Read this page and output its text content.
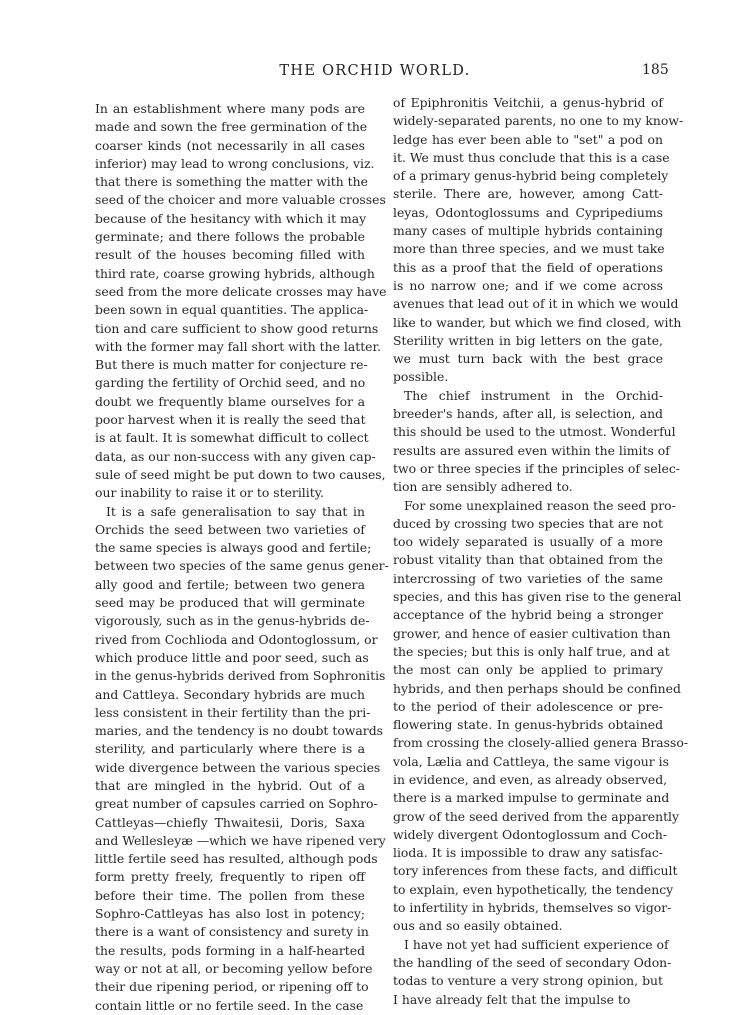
THE ORCHID WORLD.	185
In an establishment where many pods are
made and sown the free germination of the
coarser kinds (not necessarily in all cases
inferior) may lead to wrong conclusions, viz.
that there is something the matter with the
seed of the choicer and more valuable crosses
because of the hesitancy with which it may
germinate; and there follows the probable
result of the houses becoming filled with
third rate, coarse growing hybrids, although
seed from the more delicate crosses may have
been sown in equal quantities. The applica-
tion and care sufficient to show good returns
with the former may fall short with the latter.
But there is much matter for conjecture re-
garding the fertility of Orchid seed, and no
doubt we frequently blame ourselves for a
poor harvest when it is really the seed that
is at fault. It is somewhat difficult to collect
data, as our non-success with any given cap-
sule of seed might be put down to two causes,
our inability to raise it or to sterility.
It is a safe generalisation to say that in
Orchids the seed between two varieties of
the same species is always good and fertile;
between two species of the same genus gener-
ally good and fertile; between two genera
seed may be produced that will germinate
vigorously, such as in the genus-hybrids de-
rived from Cochlioda and Odontoglossum, or
which produce little and poor seed, such as
in the genus-hybrids derived from Sophronitis
and Cattleya. Secondary hybrids are much
less consistent in their fertility than the pri-
maries, and the tendency is no doubt towards
sterility, and particularly where there is a
wide divergence between the various species
that are mingled in the hybrid. Out of a
great number of capsules carried on Sophro-
Cattleyas—chiefly Thwaitesii, Doris, Saxa
and Wellesleyæ —which we have ripened very
little fertile seed has resulted, although pods
form pretty freely, frequently to ripen off
before their time. The pollen from these
Sophro-Cattleyas has also lost in potency;
there is a want of consistency and surety in
the results, pods forming in a half-hearted
way or not at all, or becoming yellow before
their due ripening period, or ripening off to
contain little or no fertile seed. In the case
of Epiphronitis Veitchii, a genus-hybrid of
widely-separated parents, no one to my know-
ledge has ever been able to "set" a pod on
it. We must thus conclude that this is a case
of a primary genus-hybrid being completely
sterile. There are, however, among Catt-
leyas, Odontoglossums and Cypripediums
many cases of multiple hybrids containing
more than three species, and we must take
this as a proof that the field of operations
is no narrow one; and if we come across
avenues that lead out of it in which we would
like to wander, but which we find closed, with
Sterility written in big letters on the gate,
we must turn back with the best grace
possible.
The chief instrument in the Orchid-
breeder's hands, after all, is selection, and
this should be used to the utmost. Wonderful
results are assured even within the limits of
two or three species if the principles of selec-
tion are sensibly adhered to.
For some unexplained reason the seed pro-
duced by crossing two species that are not
too widely separated is usually of a more
robust vitality than that obtained from the
intercrossing of two varieties of the same
species, and this has given rise to the general
acceptance of the hybrid being a stronger
grower, and hence of easier cultivation than
the species; but this is only half true, and at
the most can only be applied to primary
hybrids, and then perhaps should be confined
to the period of their adolescence or pre-
flowering state. In genus-hybrids obtained
from crossing the closely-allied genera Brasso-
vola, Lælia and Cattleya, the same vigour is
in evidence, and even, as already observed,
there is a marked impulse to germinate and
grow of the seed derived from the apparently
widely divergent Odontoglossum and Coch-
lioda. It is impossible to draw any satisfac-
tory inferences from these facts, and difficult
to explain, even hypothetically, the tendency
to infertility in hybrids, themselves so vigor-
ous and so easily obtained.
I have not yet had sufficient experience of
the handling of the seed of secondary Odon-
todas to venture a very strong opinion, but
I have already felt that the impulse to
